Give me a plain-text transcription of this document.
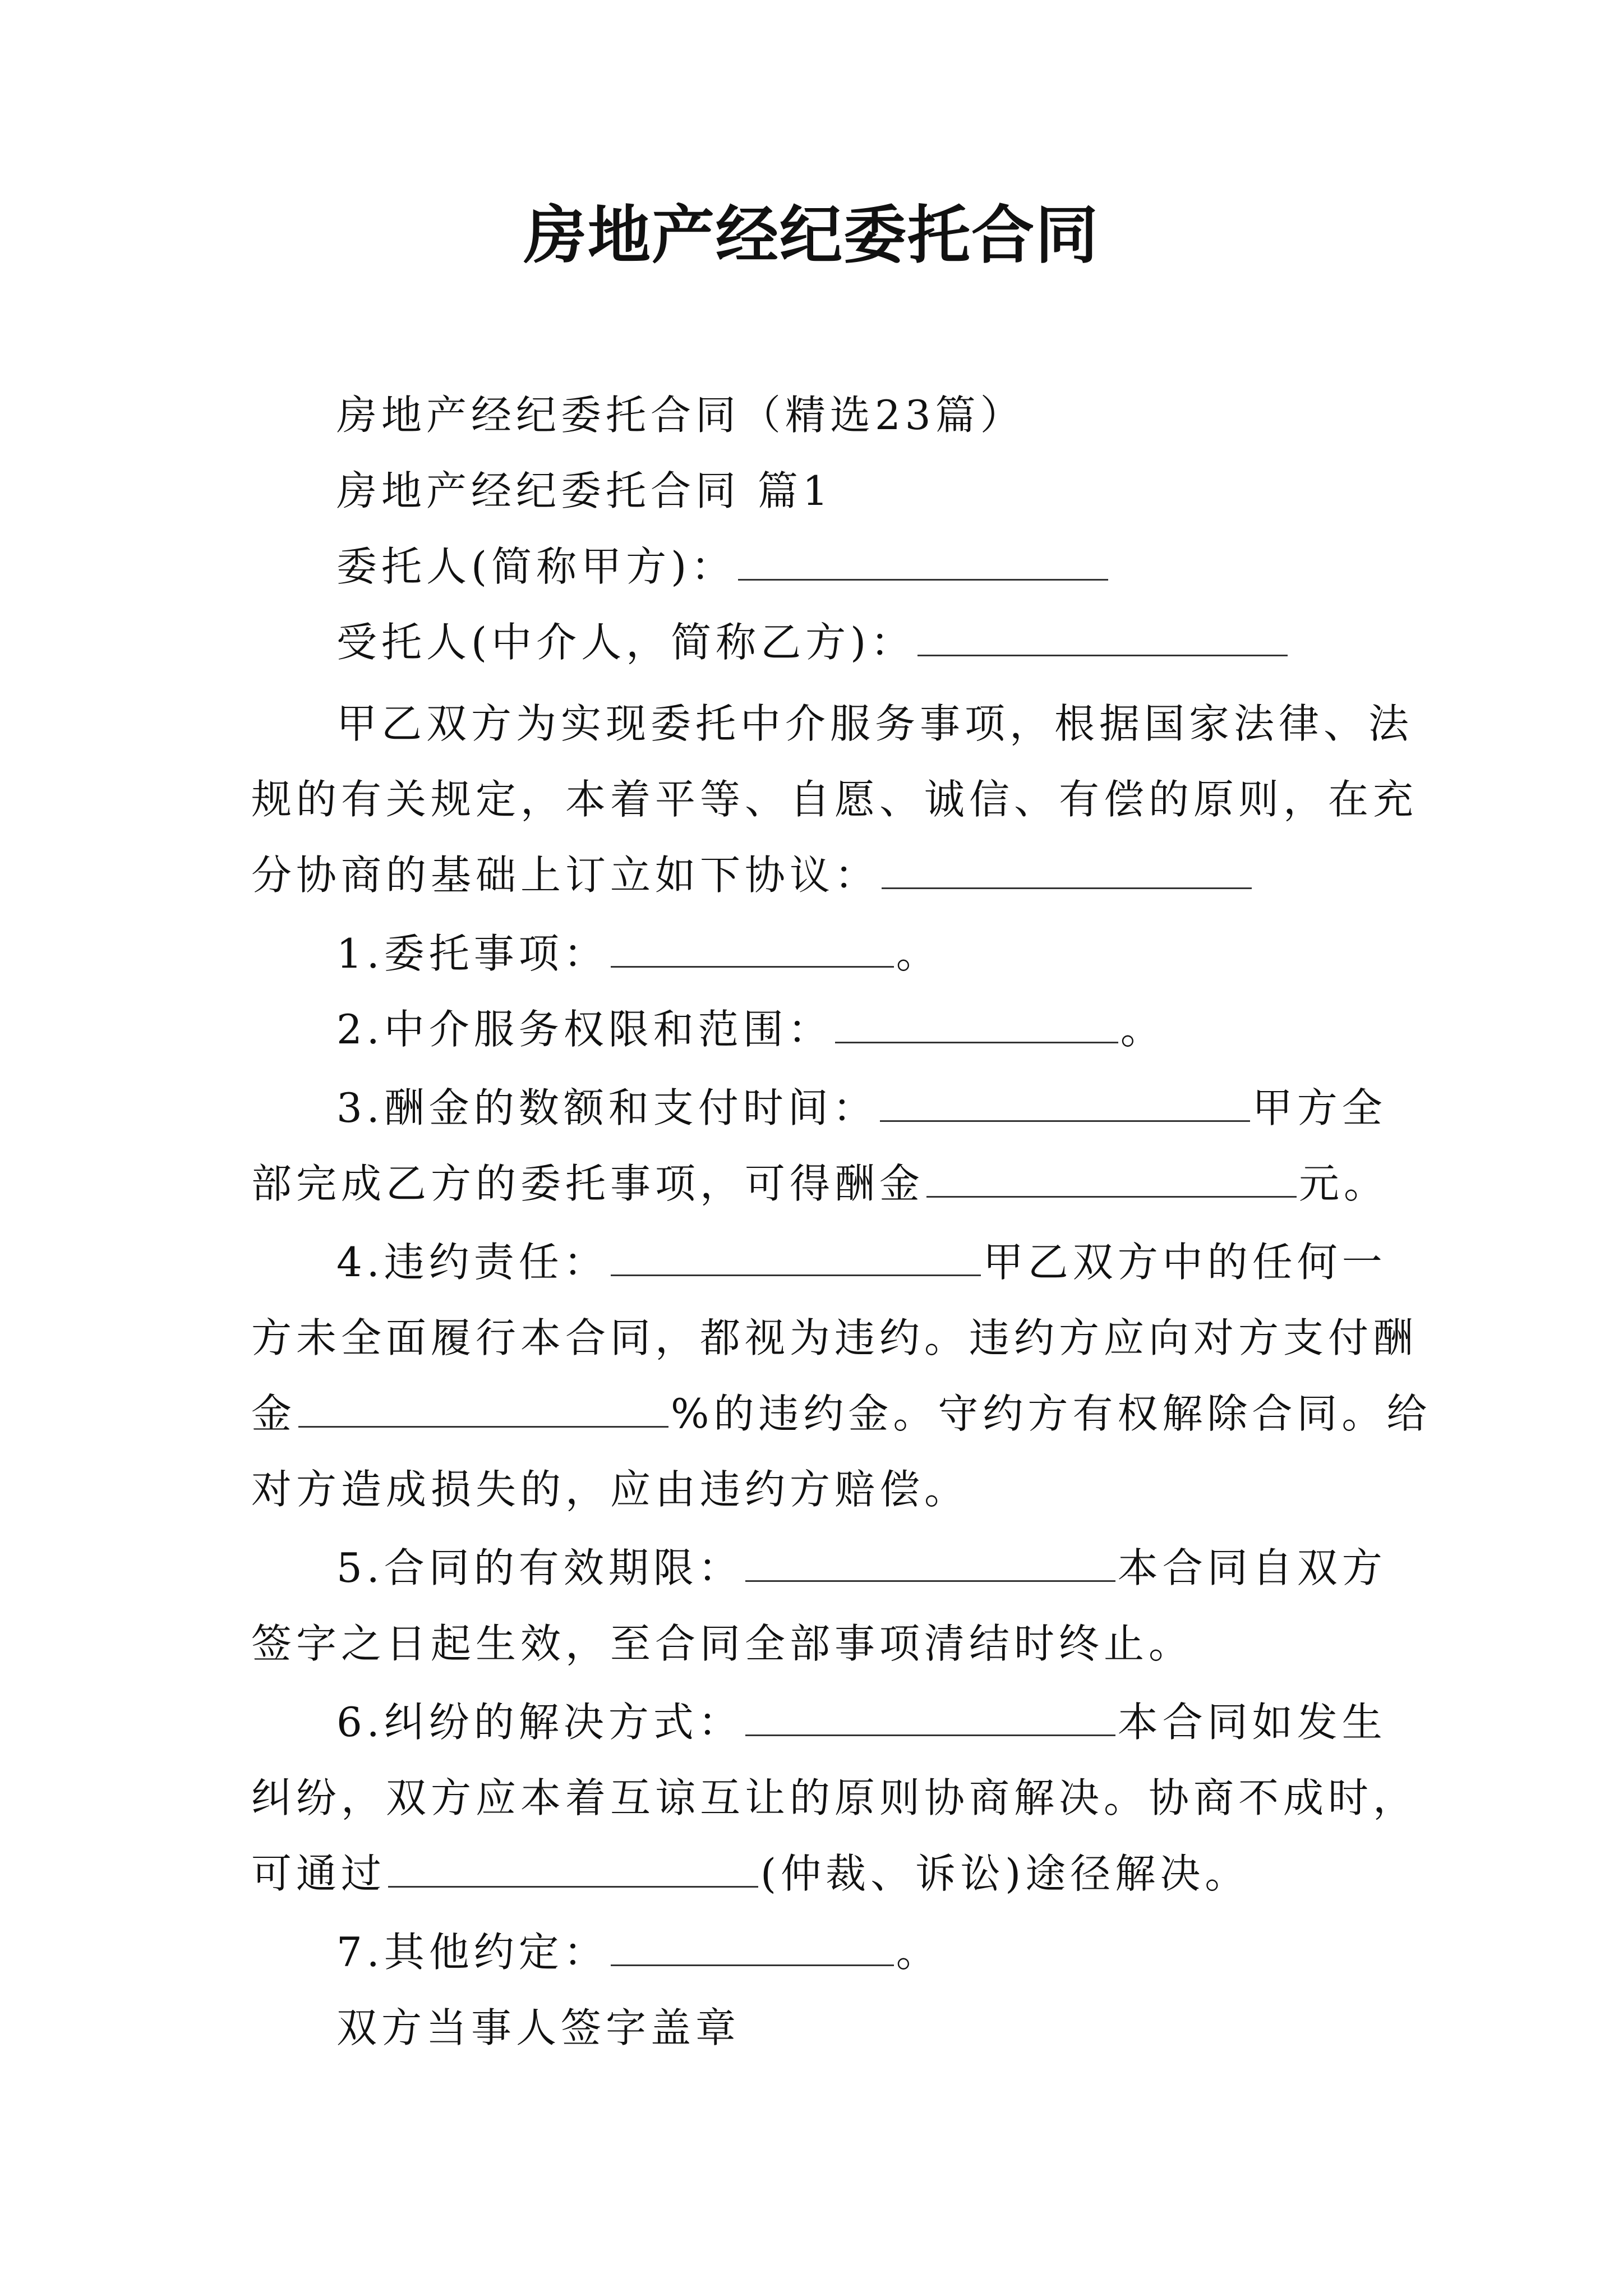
房地产经纪委托合同
房地产经纪委托合同（精选23篇）
房地产经纪委托合同 篇1
委托人(简称甲方)：
受托人(中介人，简称乙方)：
甲乙双方为实现委托中介服务事项，根据国家法律、法
规的有关规定，本着平等、自愿、诚信、有偿的原则，在充
分协商的基础上订立如下协议：
1.委托事项：	。
2.中介服务权限和范围：	。
3.酬金的数额和支付时间：	甲方全
部完成乙方的委托事项，可得酬金	元。
4.违约责任：	甲乙双方中的任何一
方未全面履行本合同，都视为违约。违约方应向对方支付酬
金	%的违约金。守约方有权解除合同。给
对方造成损失的，应由违约方赔偿。
5.合同的有效期限：	本合同自双方
签字之日起生效，至合同全部事项清结时终止。
6.纠纷的解决方式：	本合同如发生
纠纷，双方应本着互谅互让的原则协商解决。协商不成时，
可通过	(仲裁、诉讼)途径解决。
7.其他约定：	。
双方当事人签字盖章
